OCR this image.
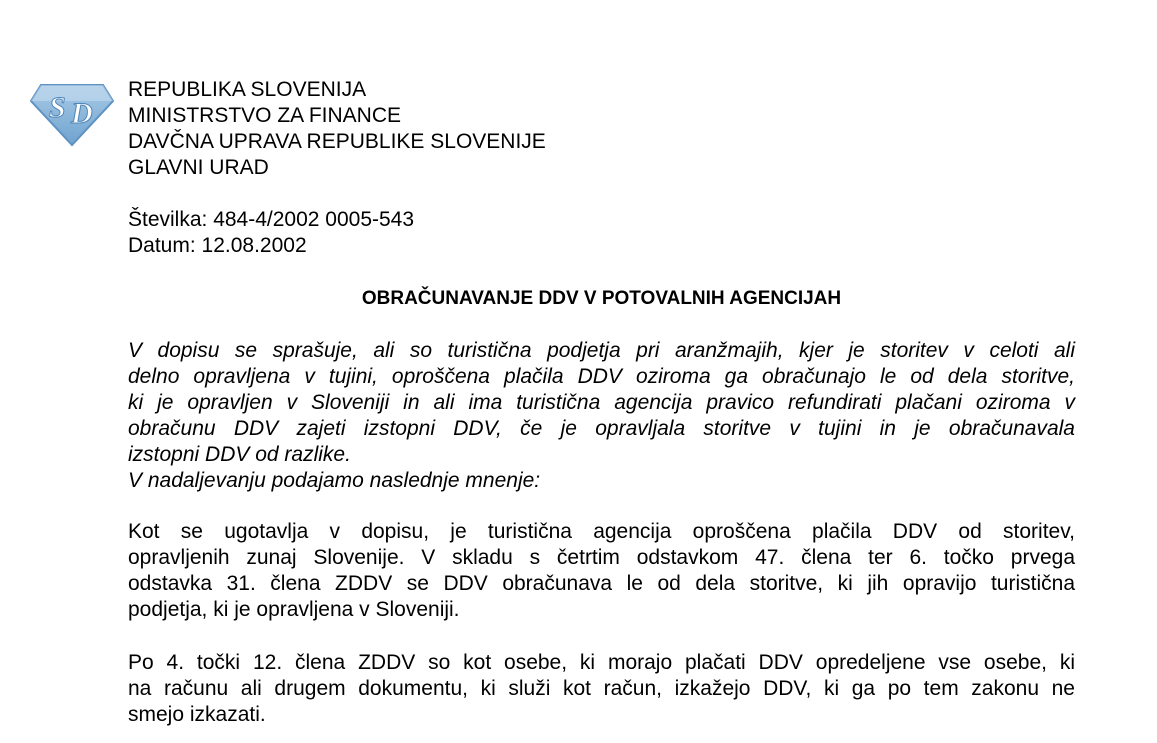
S D
REPUBLIKA SLOVENIJA
MINISTRSTVO ZA FINANCE
DAVČNA UPRAVA REPUBLIKE SLOVENIJE
GLAVNI URAD
Številka: 484-4/2002 0005-543
Datum: 12.08.2002
OBRAČUNAVANJE DDV V POTOVALNIH AGENCIJAH
V dopisu se sprašuje, ali so turistična podjetja pri aranžmajih, kjer je storitev v celoti ali
delno opravljena v tujini, oproščena plačila DDV oziroma ga obračunajo le od dela storitve,
ki je opravljen v Sloveniji in ali ima turistična agencija pravico refundirati plačani oziroma v
obračunu DDV zajeti izstopni DDV, če je opravljala storitve v tujini in je obračunavala
izstopni DDV od razlike.
V nadaljevanju podajamo naslednje mnenje:
Kot se ugotavlja v dopisu, je turistična agencija oproščena plačila DDV od storitev,
opravljenih zunaj Slovenije. V skladu s četrtim odstavkom 47. člena ter 6. točko prvega
odstavka 31. člena ZDDV se DDV obračunava le od dela storitve, ki jih opravijo turistična
podjetja, ki je opravljena v Sloveniji.
Po 4. točki 12. člena ZDDV so kot osebe, ki morajo plačati DDV opredeljene vse osebe, ki
na računu ali drugem dokumentu, ki služi kot račun, izkažejo DDV, ki ga po tem zakonu ne
smejo izkazati.
